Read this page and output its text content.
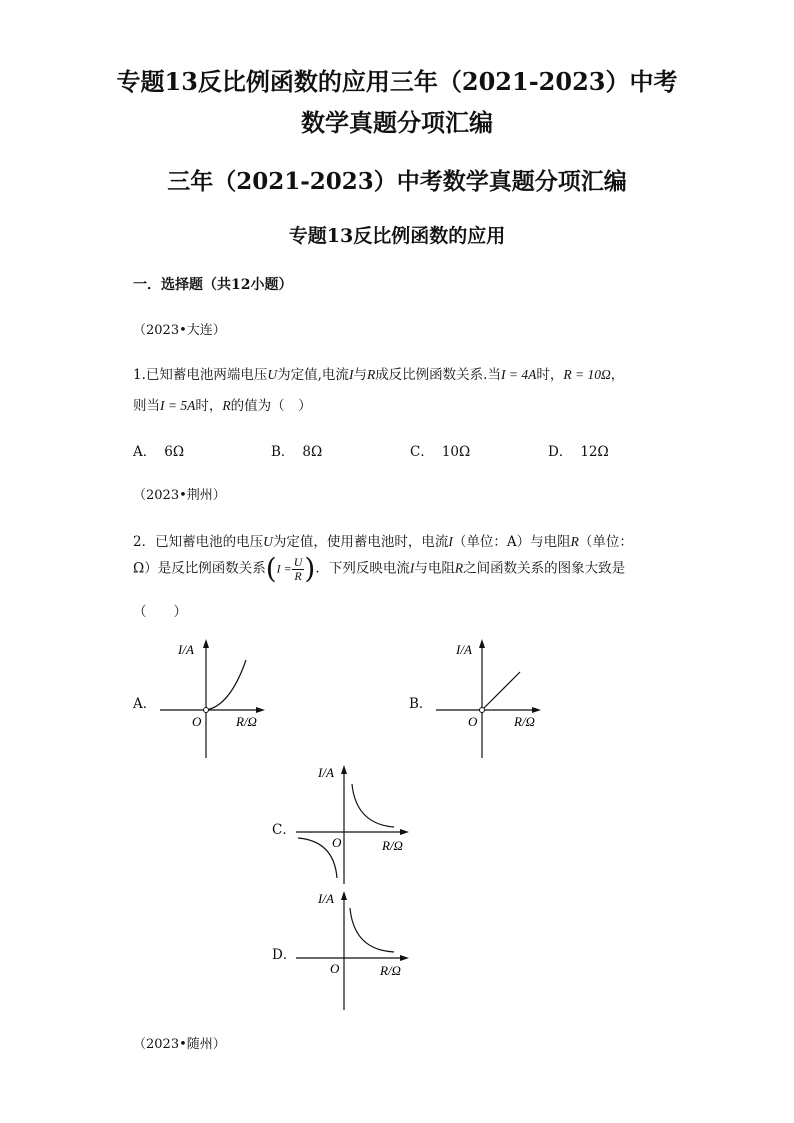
专题13反比例函数的应用三年（2021-2023）中考
数学真题分项汇编
三年（2021-2023）中考数学真题分项汇编
专题13反比例函数的应用
一．选择题（共12小题）
（2023•大连）
1.已知蓄电池两端电压U为定值,电流I与R成反比例函数关系.当I = 4A时，R = 10Ω，
则当I = 5A时，R的值为（　）
A． 6Ω	B． 8Ω	C． 10Ω	D． 12Ω
（2023•荆州）
2．已知蓄电池的电压U为定值，使用蓄电池时，电流I（单位：A）与电阻R（单位：
Ω）是反比例函数关系($I = \frac{U}{R}$ )．下列反映电流I与电阻R之间函数关系的图象大致是
（　　）
A．
I/A
O	R/Ω
B．
I/A
O	R/Ω
C．
I/A
O	R/Ω
D．
I/A
O	R/Ω
（2023•随州）
